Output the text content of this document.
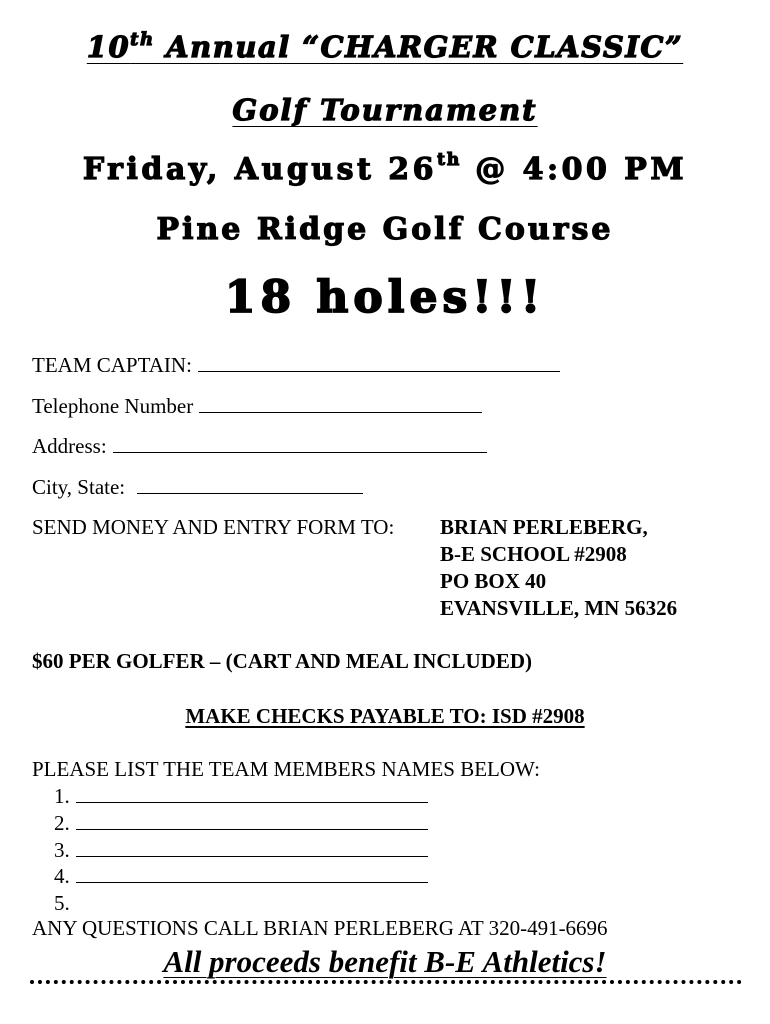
10th Annual “CHARGER CLASSIC”
Golf Tournament
Friday, August 26th @ 4:00 PM
Pine Ridge Golf Course
18 holes!!!
TEAM CAPTAIN:
Telephone Number
Address:
City, State:
SEND MONEY AND ENTRY FORM TO: BRIAN PERLEBERG,
B-E SCHOOL #2908
PO BOX 40
EVANSVILLE, MN 56326
$60 PER GOLFER – (CART AND MEAL INCLUDED)
MAKE CHECKS PAYABLE TO: ISD #2908
PLEASE LIST THE TEAM MEMBERS NAMES BELOW:
1.
2.
3.
4.
5.
ANY QUESTIONS CALL BRIAN PERLEBERG AT 320-491-6696
All proceeds benefit B-E Athletics!
